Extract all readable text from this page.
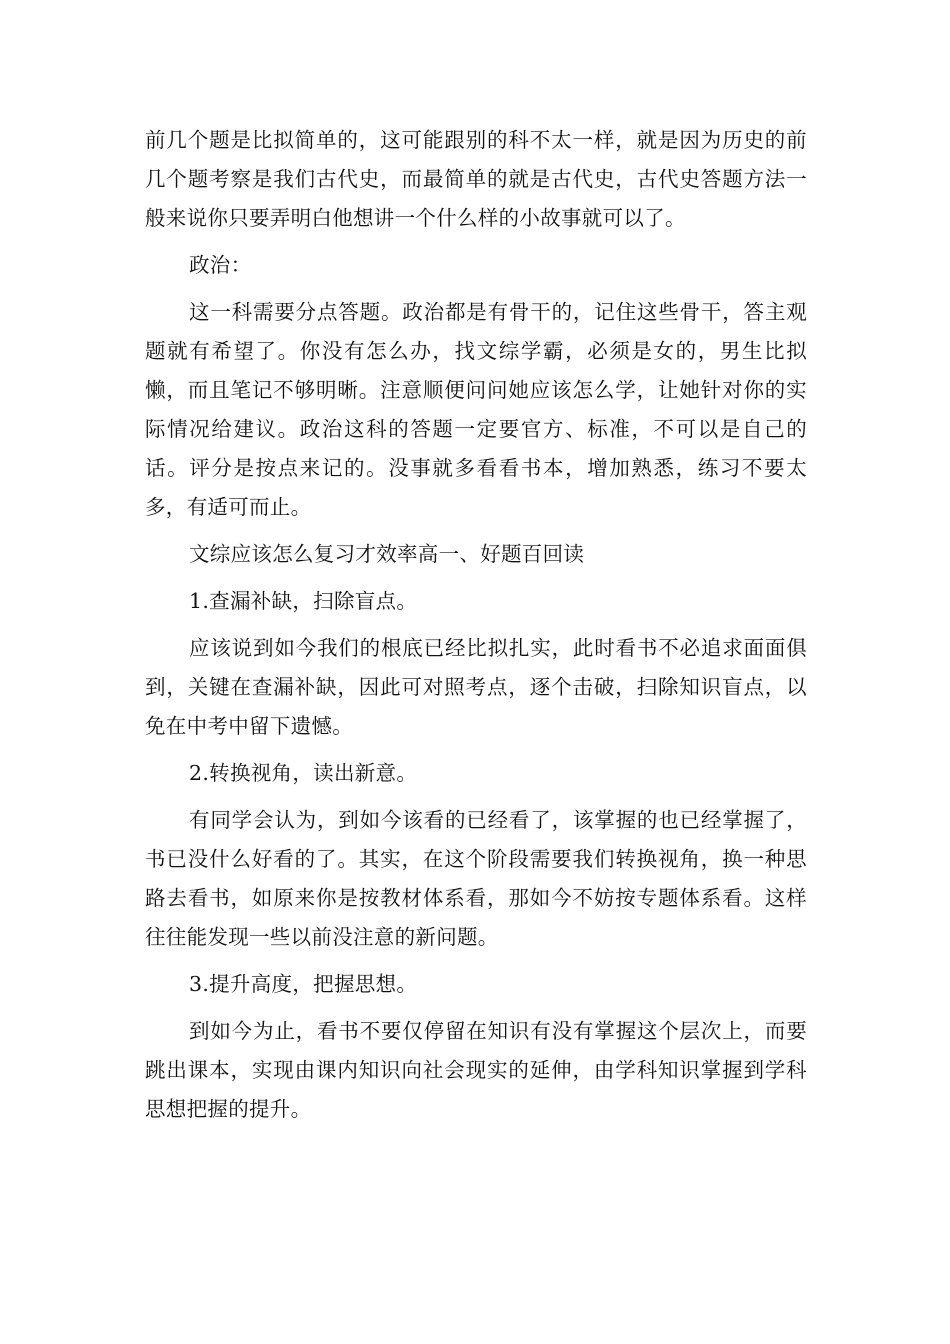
前几个题是比拟简单的，这可能跟别的科不太一样，就是因为历史的前几个题考察是我们古代史，而最简单的就是古代史，古代史答题方法一般来说你只要弄明白他想讲一个什么样的小故事就可以了。

政治：

这一科需要分点答题。政治都是有骨干的，记住这些骨干，答主观题就有希望了。你没有怎么办，找文综学霸，必须是女的，男生比拟懒，而且笔记不够明晰。注意顺便问问她应该怎么学，让她针对你的实际情况给建议。政治这科的答题一定要官方、标准，不可以是自己的话。评分是按点来记的。没事就多看看书本，增加熟悉，练习不要太多，有适可而止。

文综应该怎么复习才效率高一、好题百回读

1.查漏补缺，扫除盲点。

应该说到如今我们的根底已经比拟扎实，此时看书不必追求面面俱到，关键在查漏补缺，因此可对照考点，逐个击破，扫除知识盲点，以免在中考中留下遗憾。

2.转换视角，读出新意。

有同学会认为，到如今该看的已经看了，该掌握的也已经掌握了，书已没什么好看的了。其实，在这个阶段需要我们转换视角，换一种思路去看书，如原来你是按教材体系看，那如今不妨按专题体系看。这样往往能发现一些以前没注意的新问题。

3.提升高度，把握思想。

到如今为止，看书不要仅停留在知识有没有掌握这个层次上，而要跳出课本，实现由课内知识向社会现实的延伸，由学科知识掌握到学科思想把握的提升。
